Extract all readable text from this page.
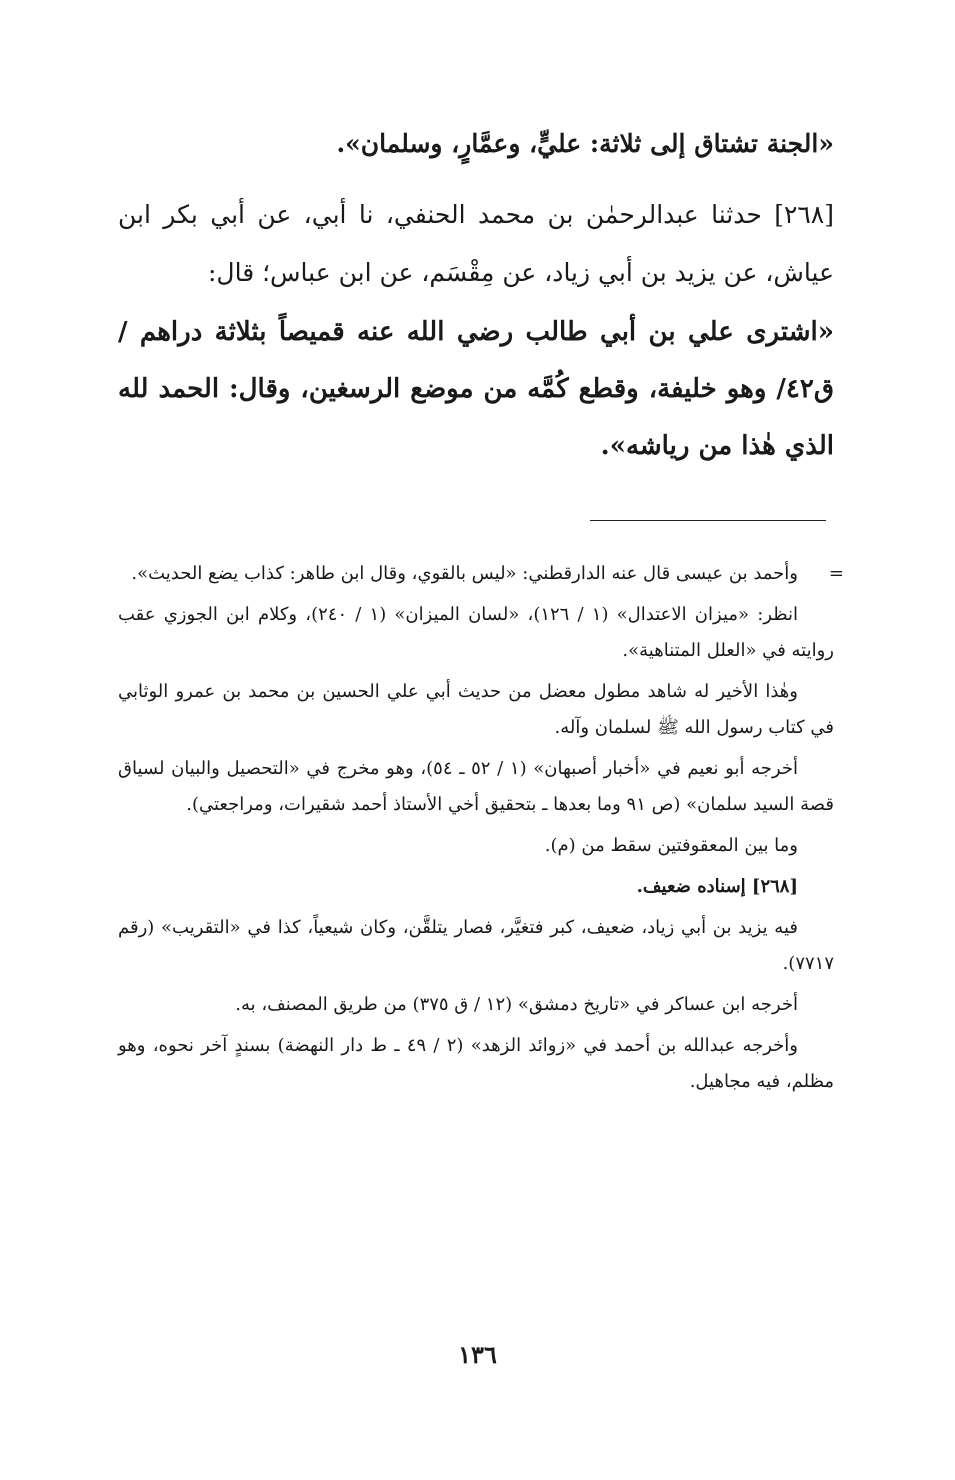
«الجنة تشتاق إلى ثلاثة: عليٍّ، وعمَّارٍ، وسلمان».
[٢٦٨] حدثنا عبدالرحمٰن بن محمد الحنفي، نا أبي، عن أبي بكر ابن عياش، عن يزيد بن أبي زياد، عن مِقْسَم، عن ابن عباس؛ قال:
«اشترى علي بن أبي طالب رضي الله عنه قميصاً بثلاثة دراهم /ق٤٢/ وهو خليفة، وقطع كُمَّه من موضع الرسغين، وقال: الحمد لله الذي هٰذا من رياشه».
=

وأحمد بن عيسى قال عنه الدارقطني: «ليس بالقوي، وقال ابن طاهر: كذاب يضع الحديث».

انظر: «ميزان الاعتدال» (١ / ١٢٦)، «لسان الميزان» (١ / ٢٤٠)، وكلام ابن الجوزي عقب روايته في «العلل المتناهية».

وهٰذا الأخير له شاهد مطول معضل من حديث أبي علي الحسين بن محمد بن عمرو الوثابي في كتاب رسول الله ﷺ لسلمان وآله.

أخرجه أبو نعيم في «أخبار أصبهان» (١ / ٥٢ ـ ٥٤)، وهو مخرج في «التحصيل والبيان لسياق قصة السيد سلمان» (ص ٩١ وما بعدها ـ بتحقيق أخي الأستاذ أحمد شقيرات، ومراجعتي).

وما بين المعقوفتين سقط من (م).

[٢٦٨] إسناده ضعيف.

فيه يزيد بن أبي زياد، ضعيف، كبر فتغيَّر، فصار يتلقَّن، وكان شيعياً، كذا في «التقريب» (رقم ٧٧١٧).

أخرجه ابن عساكر في «تاريخ دمشق» (١٢ / ق ٣٧٥) من طريق المصنف، به.

وأخرجه عبدالله بن أحمد في «زوائد الزهد» (٢ / ٤٩ ـ ط دار النهضة) بسندٍ آخر نحوه، وهو مظلم، فيه مجاهيل.

١٣٦
